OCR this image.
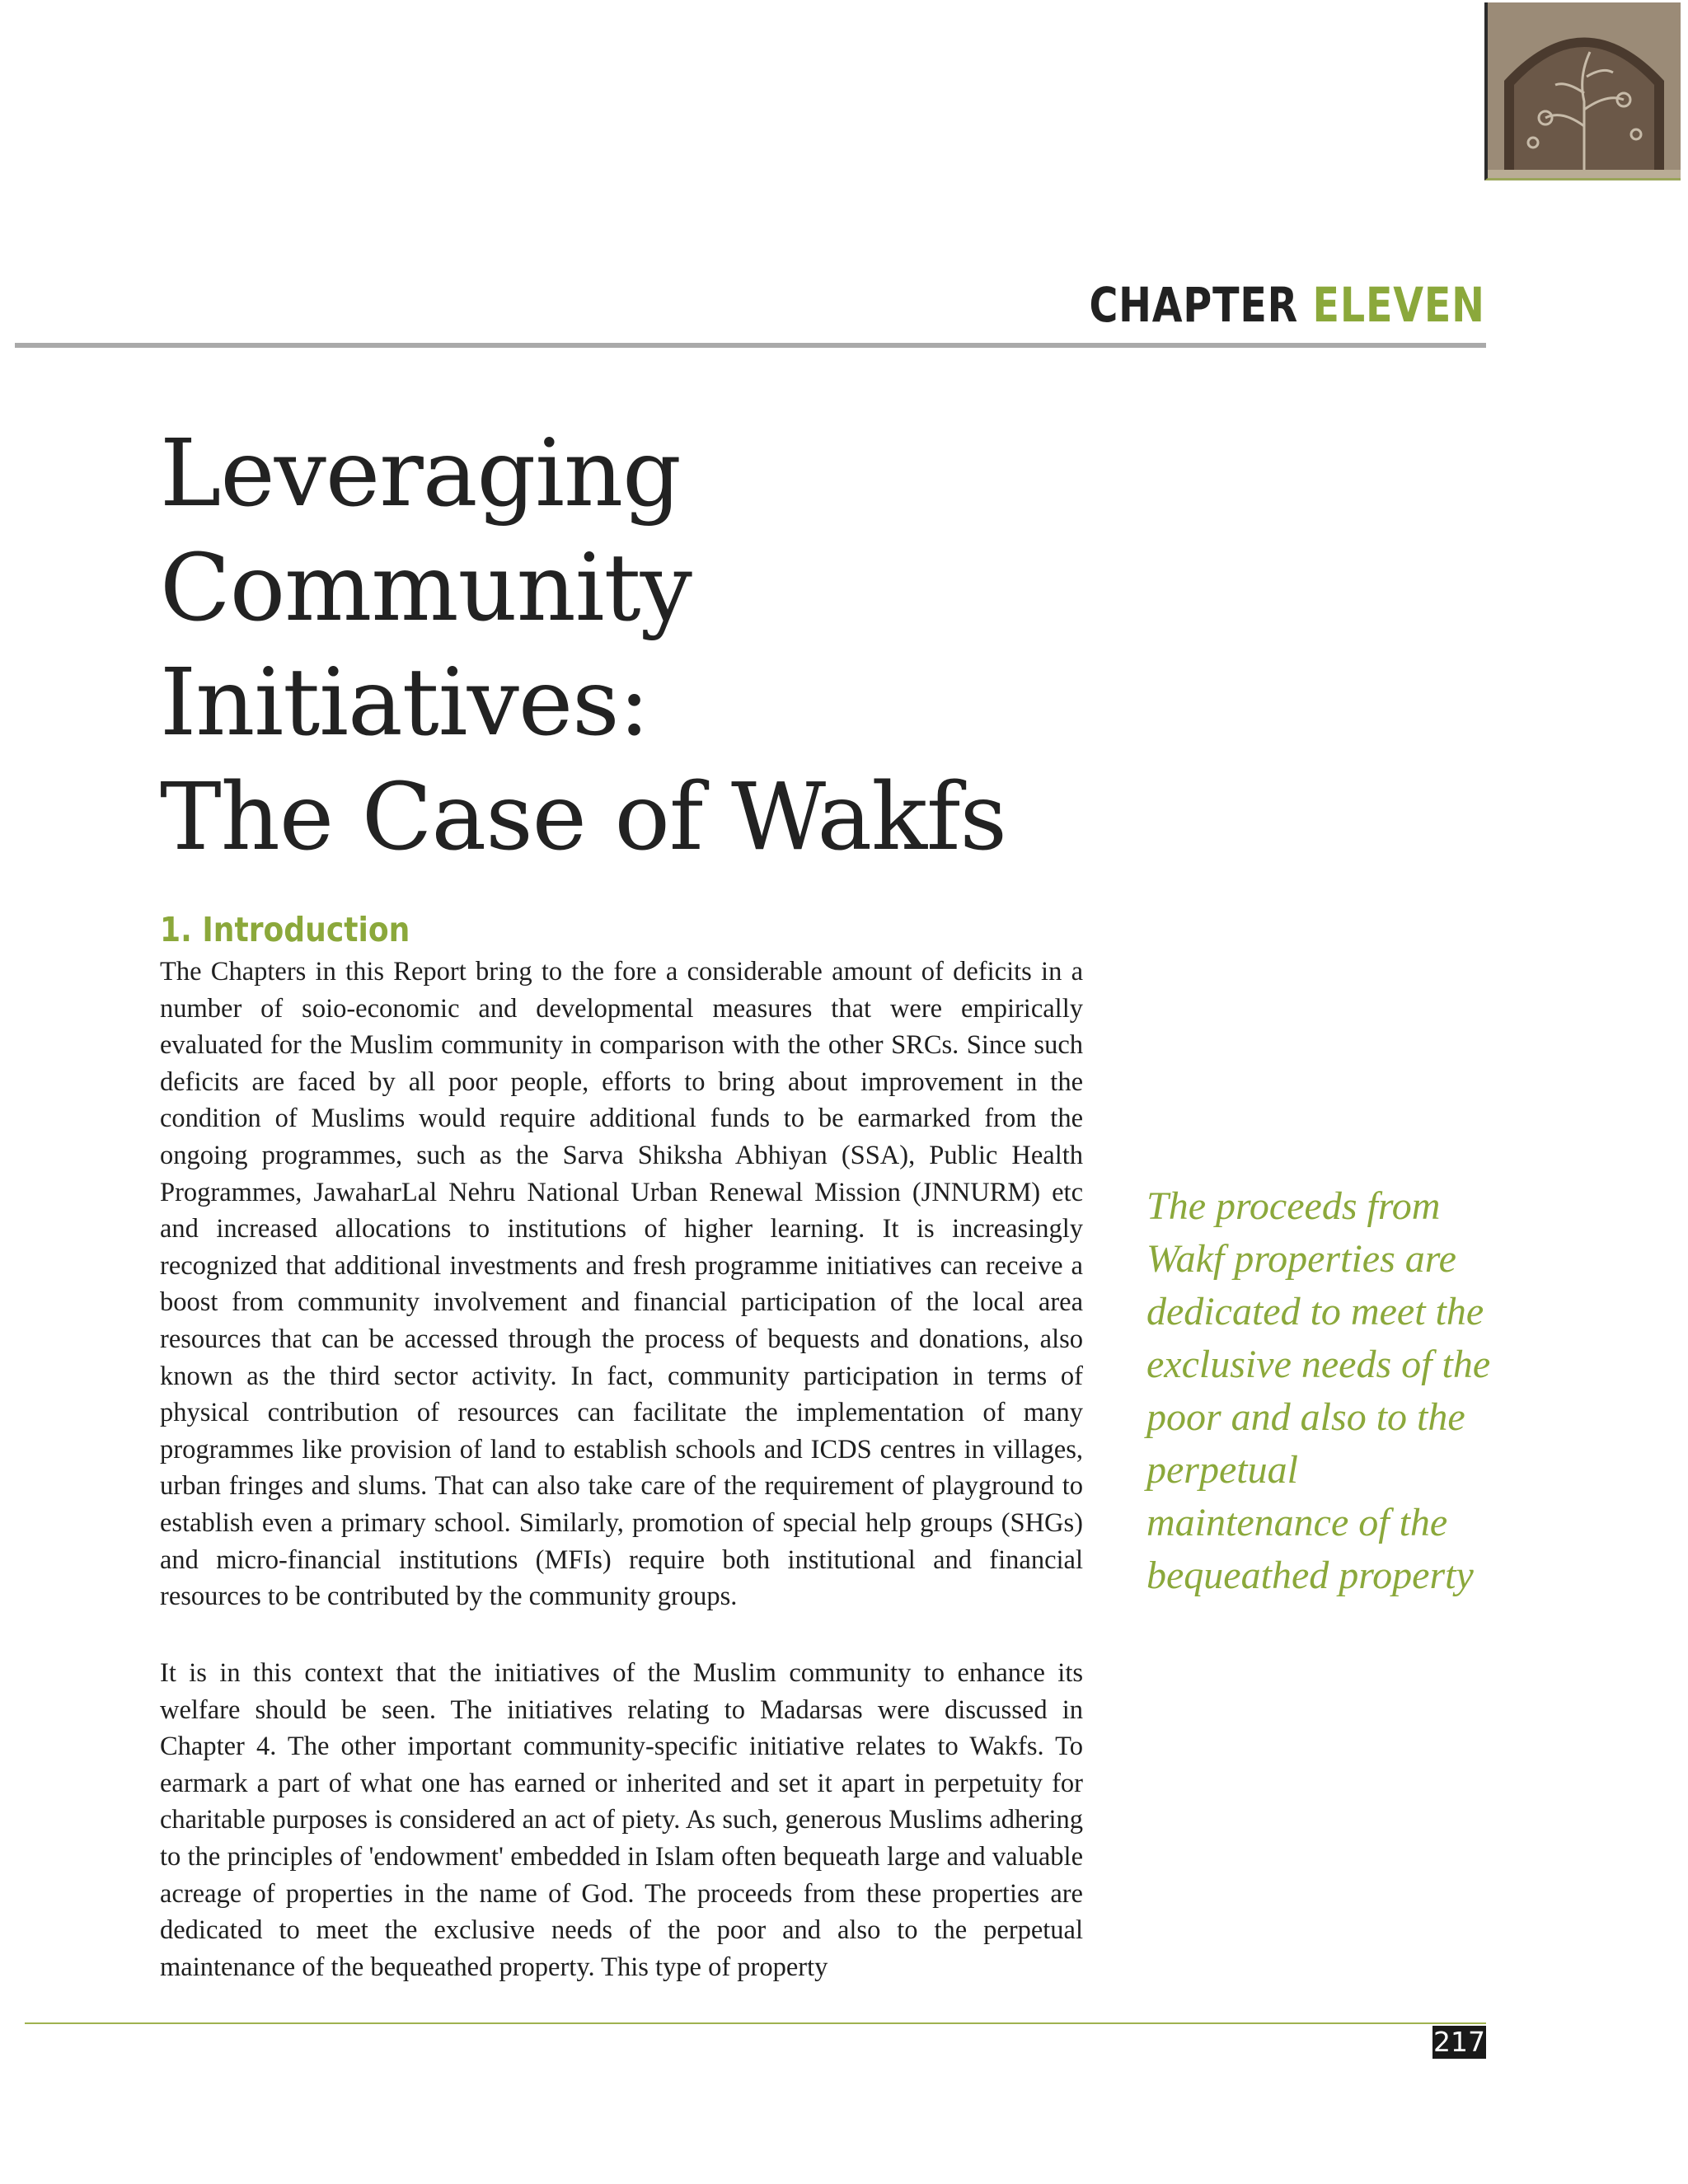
CHAPTER ELEVEN
Leveraging
Community
Initiatives:
The Case of Wakfs
1. Introduction

The Chapters in this Report bring to the fore a considerable amount of deficits in a number of soio-economic and developmental measures that were empirically evaluated for the Muslim community in comparison with the other SRCs. Since such deficits are faced by all poor people, efforts to bring about improvement in the condition of Muslims would require additional funds to be earmarked from the ongoing programmes, such as the Sarva Shiksha Abhiyan (SSA), Public Health Programmes, JawaharLal Nehru National Urban Renewal Mission (JNNURM) etc and increased allocations to institutions of higher learning. It is increasingly recognized that additional investments and fresh programme initiatives can receive a boost from community involvement and financial participation of the local area resources that can be accessed through the process of bequests and donations, also known as the third sector activity. In fact, community participation in terms of physical contribution of resources can facilitate the implementation of many programmes like provision of land to establish schools and ICDS centres in villages, urban fringes and slums. That can also take care of the requirement of playground to establish even a primary school. Similarly, promotion of special help groups (SHGs) and micro-financial institutions (MFIs) require both institutional and financial resources to be contributed by the community groups.

It is in this context that the initiatives of the Muslim community to enhance its welfare should be seen. The initiatives relating to Madarsas were discussed in Chapter 4. The other important community-specific initiative relates to Wakfs. To earmark a part of what one has earned or inherited and set it apart in perpetuity for charitable purposes is considered an act of piety. As such, generous Muslims adhering to the principles of 'endowment' embedded in Islam often bequeath large and valuable acreage of properties in the name of God. The proceeds from these properties are dedicated to meet the exclusive needs of the poor and also to the perpetual maintenance of the bequeathed property. This type of property

The proceeds from Wakf properties are dedicated to meet the exclusive needs of the poor and also to the perpetual maintenance of the bequeathed property
217
